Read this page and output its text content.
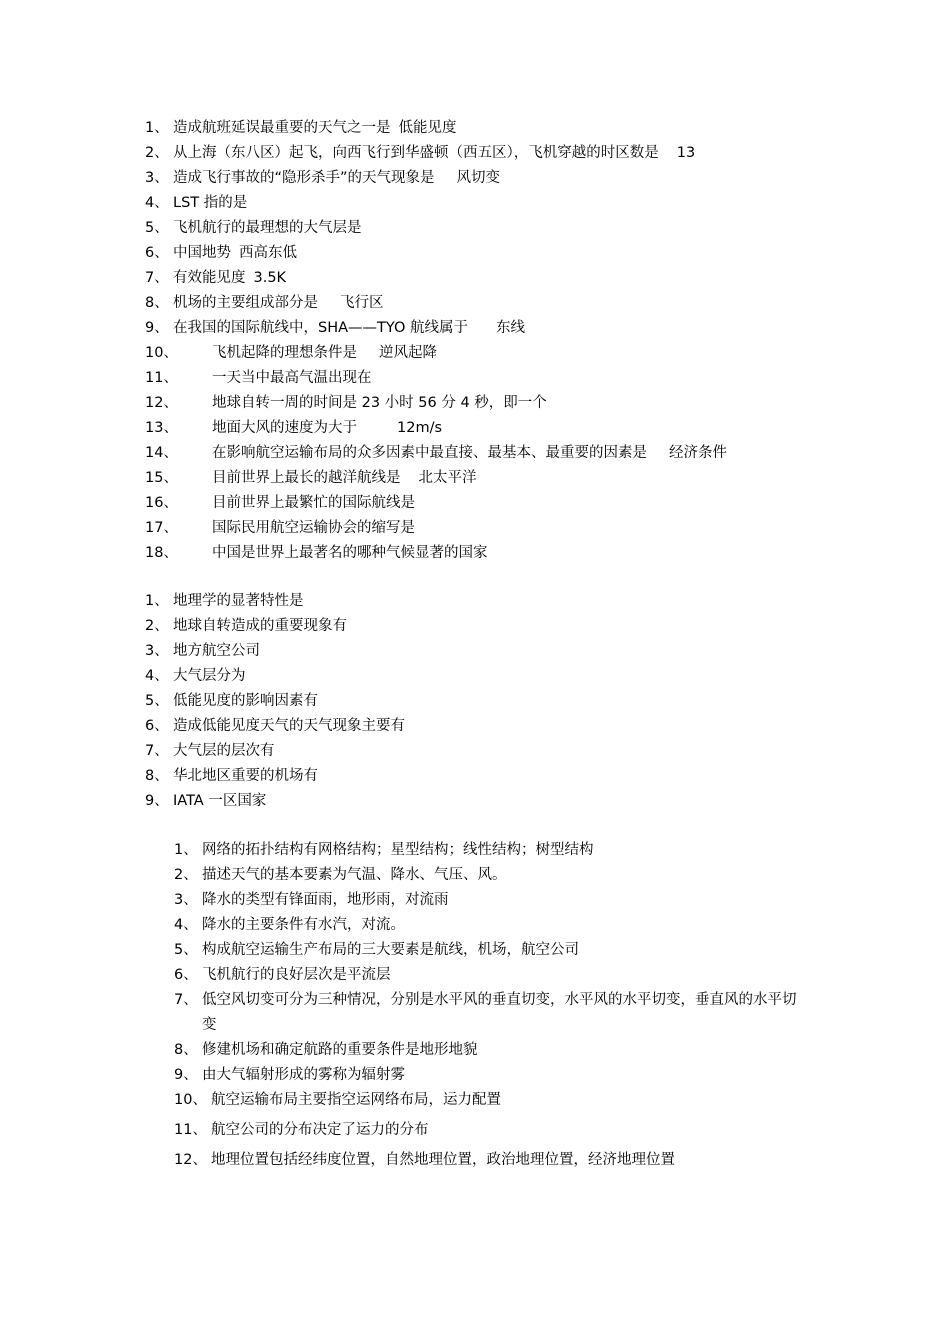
1、 造成航班延误最重要的天气之一是 低能见度
2、 从上海（东八区）起飞，向西飞行到华盛顿（西五区），飞机穿越的时区数是 13
3、 造成飞行事故的“隐形杀手”的天气现象是 风切变
4、 LST 指的是
5、 飞机航行的最理想的大气层是
6、 中国地势 西高东低
7、 有效能见度 3.5K
8、 机场的主要组成部分是 飞行区
9、 在我国的国际航线中，SHA——TYO 航线属于 东线
10、 飞机起降的理想条件是 逆风起降
11、 一天当中最高气温出现在
12、 地球自转一周的时间是 23 小时 56 分 4 秒，即一个
13、 地面大风的速度为大于	12m/s
14、 在影响航空运输布局的众多因素中最直接、最基本、最重要的因素是 经济条件
15、 目前世界上最长的越洋航线是 北太平洋
16、 目前世界上最繁忙的国际航线是
17、 国际民用航空运输协会的缩写是
18、 中国是世界上最著名的哪种气候显著的国家
1、 地理学的显著特性是
2、 地球自转造成的重要现象有
3、 地方航空公司
4、 大气层分为
5、 低能见度的影响因素有
6、 造成低能见度天气的天气现象主要有
7、 大气层的层次有
8、 华北地区重要的机场有
9、 IATA 一区国家
1、 网络的拓扑结构有网格结构；星型结构；线性结构；树型结构
2、 描述天气的基本要素为气温、降水、气压、风。
3、 降水的类型有锋面雨，地形雨，对流雨
4、 降水的主要条件有水汽，对流。
5、 构成航空运输生产布局的三大要素是航线，机场，航空公司
6、 飞机航行的良好层次是平流层
7、 低空风切变可分为三种情况，分别是水平风的垂直切变，水平风的水平切变，垂直风的水平切变
8、 修建机场和确定航路的重要条件是地形地貌
9、 由大气辐射形成的雾称为辐射雾
10、 航空运输布局主要指空运网络布局，运力配置
11、 航空公司的分布决定了运力的分布
12、 地理位置包括经纬度位置，自然地理位置，政治地理位置，经济地理位置
